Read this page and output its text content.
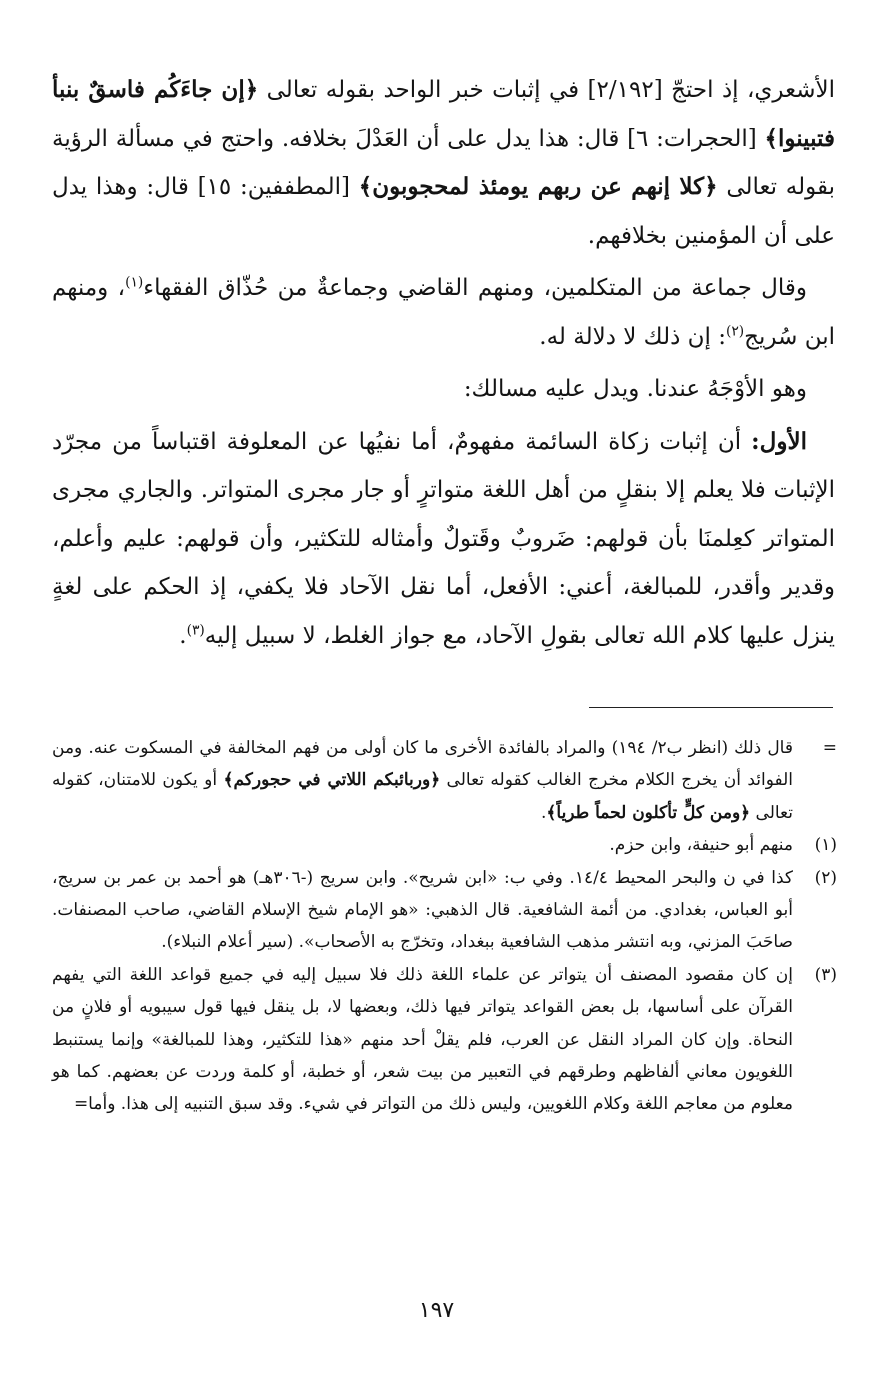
الأشعري، إذ احتجّ [٢/١٩٢] في إثبات خبر الواحد بقوله تعالى ﴿إن جاءَكُم فاسقٌ بنبأ فتبينوا﴾ [الحجرات: ٦] قال: هذا يدل على أن العَدْلَ بخلافه. واحتج في مسألة الرؤية بقوله تعالى ﴿كلا إنهم عن ربهم يومئذ لمحجوبون﴾ [المطففين: ١٥] قال: وهذا يدل على أن المؤمنين بخلافهم.

وقال جماعة من المتكلمين، ومنهم القاضي وجماعةٌ من حُذّاق الفقهاء$^{(١)}$، ومنهم ابن سُريج$^{(٢)}$: إن ذلك لا دلالة له.

وهو الأوْجَهُ عندنا. ويدل عليه مسالك:

الأول: أن إثبات زكاة السائمة مفهومٌ، أما نفيُها عن المعلوفة اقتباساً من مجرّد الإثبات فلا يعلم إلا بنقلٍ من أهل اللغة متواترٍ أو جار مجرى المتواتر. والجاري مجرى المتواتر كعِلمنَا بأن قولهم: ضَروبٌ وقَتولٌ وأمثاله للتكثير، وأن قولهم: عليم وأعلم، وقدير وأقدر، للمبالغة، أعني: الأفعل، أما نقل الآحاد فلا يكفي، إذ الحكم على لغةٍ ينزل عليها كلام الله تعالى بقولِ الآحاد، مع جواز الغلط، لا سبيل إليه$^{(٣)}$.

=
قال ذلك (انظر ب٢/ ١٩٤) والمراد بالفائدة الأخرى ما كان أولى من فهم المخالفة في المسكوت عنه. ومن الفوائد أن يخرج الكلام مخرج الغالب كقوله تعالى ﴿وربائبكم اللاتي في حجوركم﴾ أو يكون للامتنان، كقوله تعالى ﴿ومن كلٍّ تأكلون لحماً طرياً﴾.
(١)
منهم أبو حنيفة، وابن حزم.
(٢)
كذا في ن والبحر المحيط ١٤/٤. وفي ب: «ابن شريح». وابن سريج (-٣٠٦هـ) هو أحمد بن عمر بن سريج، أبو العباس، بغدادي. من أئمة الشافعية. قال الذهبي: «هو الإمام شيخ الإسلام القاضي، صاحب المصنفات. صاحَبَ المزني، وبه انتشر مذهب الشافعية ببغداد، وتخرّج به الأصحاب». (سير أعلام النبلاء).
(٣)
إن كان مقصود المصنف أن يتواتر عن علماء اللغة ذلك فلا سبيل إليه في جميع قواعد اللغة التي يفهم القرآن على أساسها، بل بعض القواعد يتواتر فيها ذلك، وبعضها لا، بل ينقل فيها قول سيبويه أو فلانٍ من النحاة. وإن كان المراد النقل عن العرب، فلم يقلْ أحد منهم «هذا للتكثير، وهذا للمبالغة» وإنما يستنبط اللغويون معاني ألفاظهم وطرقهم في التعبير من بيت شعر، أو خطبة، أو كلمة وردت عن بعضهم. كما هو معلوم من معاجم اللغة وكلام اللغويين، وليس ذلك من التواتر في شيء. وقد سبق التنبيه إلى هذا. وأما=
١٩٧
